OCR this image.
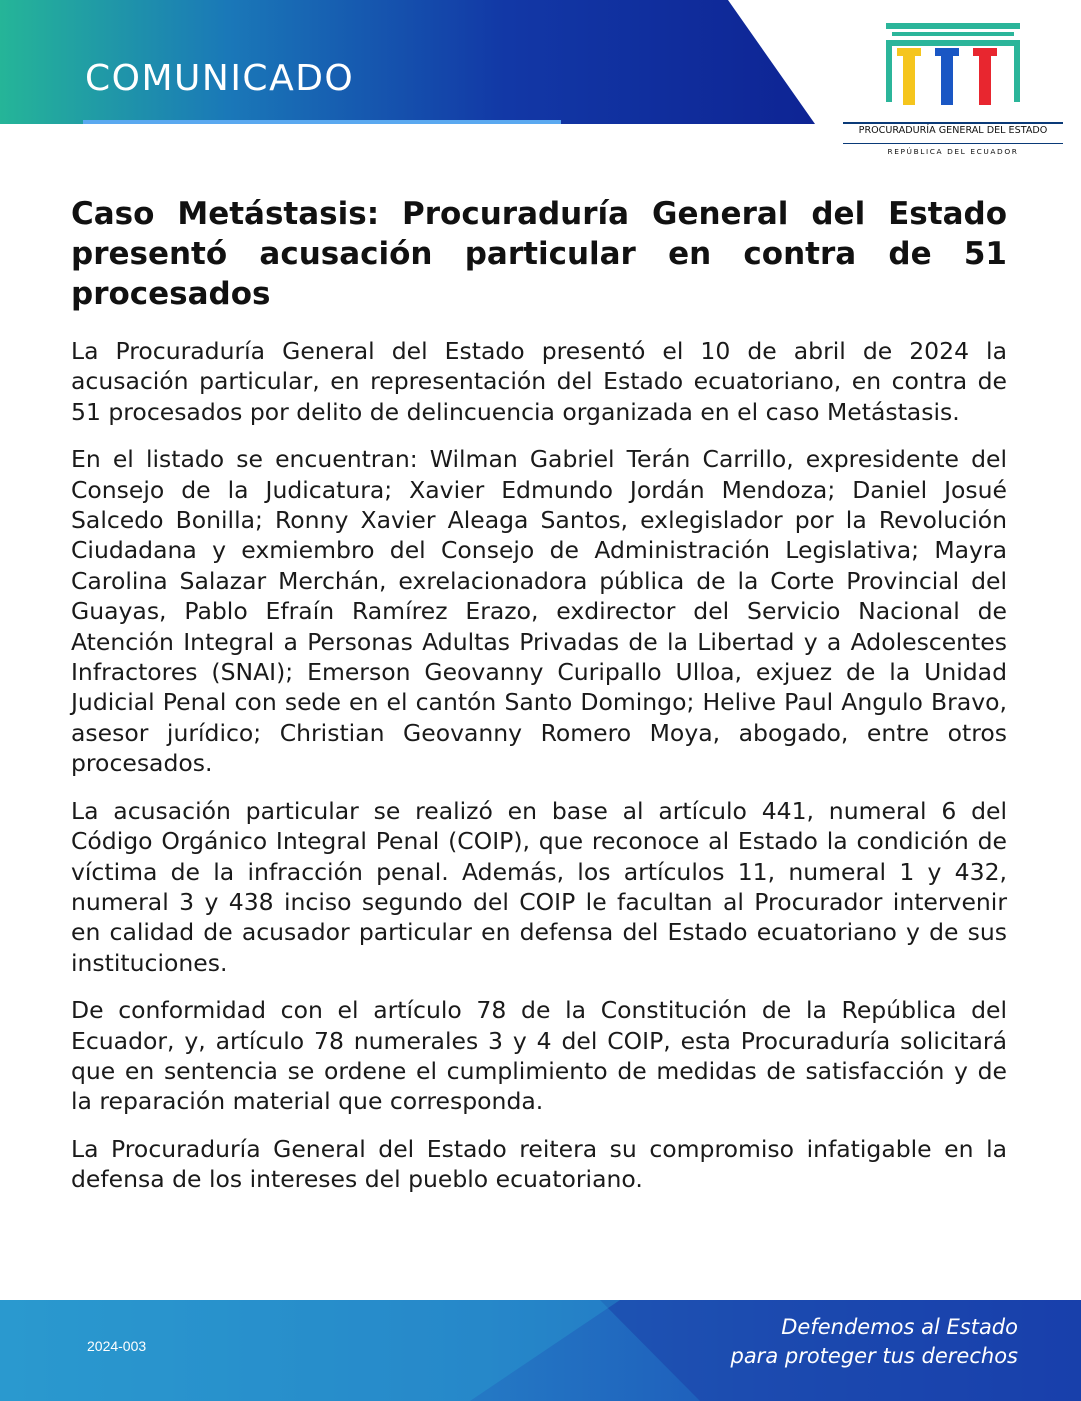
COMUNICADO
PROCURADURÍA GENERAL DEL ESTADO
REPÚBLICA DEL ECUADOR
Caso Metástasis: Procuraduría General del Estado presentó acusación particular en contra de 51 procesados

La Procuraduría General del Estado presentó el 10 de abril de 2024 la acusación particular, en representación del Estado ecuatoriano, en contra de 51 procesados por delito de delincuencia organizada en el caso Metástasis.

En el listado se encuentran: Wilman Gabriel Terán Carrillo, expresidente del Consejo de la Judicatura; Xavier Edmundo Jordán Mendoza; Daniel Josué Salcedo Bonilla; Ronny Xavier Aleaga Santos, exlegislador por la Revolución Ciudadana y exmiembro del Consejo de Administración Legislativa; Mayra Carolina Salazar Merchán, exrelacionadora pública de la Corte Provincial del Guayas, Pablo Efraín Ramírez Erazo, exdirector del Servicio Nacional de Atención Integral a Personas Adultas Privadas de la Libertad y a Adolescentes Infractores (SNAI); Emerson Geovanny Curipallo Ulloa, exjuez de la Unidad Judicial Penal con sede en el cantón Santo Domingo; Helive Paul Angulo Bravo, asesor jurídico; Christian Geovanny Romero Moya, abogado, entre otros procesados.

La acusación particular se realizó en base al artículo 441, numeral 6 del Código Orgánico Integral Penal (COIP), que reconoce al Estado la condición de víctima de la infracción penal. Además, los artículos 11, numeral 1 y 432, numeral 3 y 438 inciso segundo del COIP le facultan al Procurador intervenir en calidad de acusador particular en defensa del Estado ecuatoriano y de sus instituciones.

De conformidad con el artículo 78 de la Constitución de la República del Ecuador, y, artículo 78 numerales 3 y 4 del COIP, esta Procuraduría solicitará que en sentencia se ordene el cumplimiento de medidas de satisfacción y de la reparación material que corresponda.

La Procuraduría General del Estado reitera su compromiso infatigable en la defensa de los intereses del pueblo ecuatoriano.

2024-003
Defendemos al Estado
para proteger tus derechos
